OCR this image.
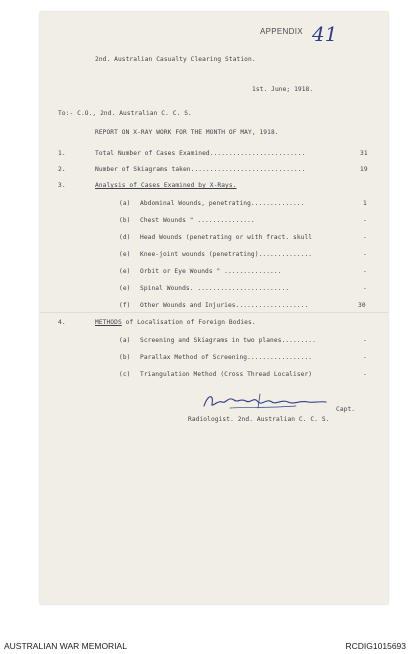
APPENDIX 41
2nd. Australian Casualty Clearing Station.
1st. June; 1918.
To:- C.O., 2nd. Australian C. C. S.
REPORT ON X-RAY WORK FOR THE MONTH OF MAY, 1918.
1.	Total Number of Cases Examined.........................	31
2.	Number of Skiagrams taken..............................	19
3.	Analysis of Cases Examined by X-Rays.
(a) Abdominal Wounds, penetrating..............	1
(b) Chest Wounds " ...............	-
(d) Head Wounds (penetrating or with fract. skull	-
(e) Knee-joint wounds (penetrating)..............	-
(e) Orbit or Eye Wounds " ...............	-
(e) Spinal Wounds. ........................	-
(f) Other Wounds and Injuries...................	30
4.	METHODS of Localisation of Foreign Bodies.
(a) Screening and Skiagrams in two planes.........	-
(b) Parallax Method of Screening.................	-
(c) Triangulation Method (Cross Thread Localiser)	-
Capt.
Radiologist. 2nd. Australian C. C. S.
AUSTRALIAN WAR MEMORIAL	RCDIG1015693
